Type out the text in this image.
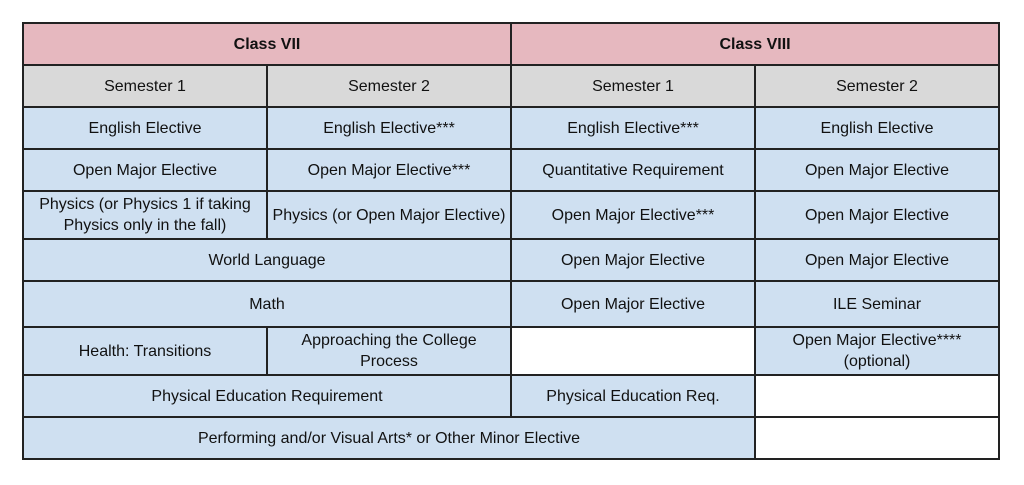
Class VII		Class VIII	
Semester 1	Semester 2	Semester 1	Semester 2
English Elective	English Elective***	English Elective***	English Elective
Open Major Elective	Open Major Elective***	Quantitative Requirement	Open Major Elective
Physics (or Physics 1 if taking Physics only in the fall)	Physics (or Open Major Elective)	Open Major Elective***	Open Major Elective
World Language		Open Major Elective	Open Major Elective
Math		Open Major Elective	ILE Seminar
Health: Transitions	Approaching the College Process		Open Major Elective**** (optional)
Physical Education Requirement		Physical Education Req.	
Performing and/or Visual Arts* or Other Minor Elective			
